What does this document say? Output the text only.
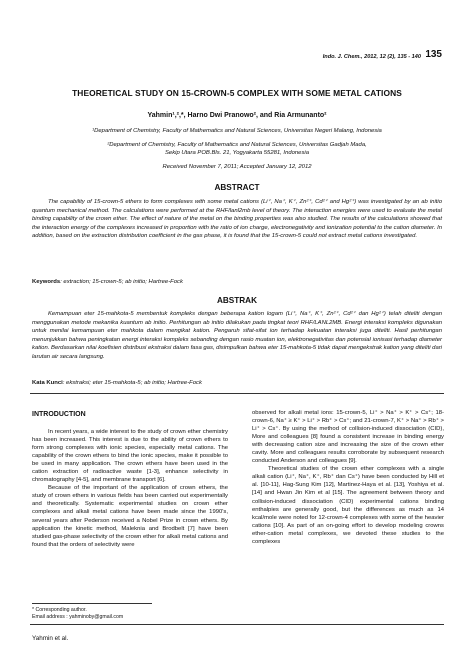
Indo. J. Chem., 2012, 12 (2), 135 - 140 135
THEORETICAL STUDY ON 15-CROWN-5 COMPLEX WITH SOME METAL CATIONS
Yahmin¹,²,*, Harno Dwi Pranowo², and Ria Armunanto²
¹Department of Chemistry, Faculty of Mathematics and Natural Sciences, Universitas Negeri Malang, Indonesia
²Department of Chemistry, Faculty of Mathematics and Natural Sciences, Universitas Gadjah Mada,
Sekip Utara POB.Bls. 21, Yogyakarta 55281, Indonesia
Received November 7, 2011; Accepted January 12, 2012
ABSTRACT
The capability of 15-crown-5 ethers to form complexes with some metal cations (Li⁺, Na⁺, K⁺, Zn²⁺, Cd²⁺ and Hg²⁺) was investigated by an ab initio quantum mechanical method. The calculations were performed at the RHF/lanl2mb level of theory. The interaction energies were used to evaluate the metal binding capability of the crown ether. The effect of nature of the metal on the binding properties was also studied. The results of the calculations showed that the interaction energy of the complexes increased in proportion with the ratio of ion charge, electronegativity and ionization potential to the cation diameter. In addition, based on the extraction distribution coefficient in the gas phase, it is found that the 15-crown-5 could not extract metal cations investigated.
Keywords: extraction; 15-crown-5; ab initio; Hartree-Fock
ABSTRAK
Kemampuan eter 15-mahkota-5 membentuk kompleks dengan beberapa kation logam (Li⁺, Na⁺, K⁺, Zn²⁺, Cd²⁺ dan Hg²⁺) telah diteliti dengan menggunakan metode mekanika kuantum ab initio. Perhitungan ab initio dilakukan pada tingkat teori RHF/LANL2MB. Energi interaksi kompleks digunakan untuk menilai kemampuan eter mahkota dalam mengikat kation. Pengaruh sifat-sifat ion terhadap kekuatan interaksi juga diteliti. Hasil perhitungan menunjukkan bahwa peningkatan energi interaksi kompleks sebanding dengan rasio muatan ion, elektronegativitas dan potensial ionisasi terhadap diameter kation. Berdasarkan nilai koefisien distribusi ekstraksi dalam fasa gas, disimpulkan bahwa eter 15-mahkota-5 tidak dapat mengekstrak kation yang diteliti dari larutan air secara langsung.
Kata Kunci: ekstraksi; eter 15-mahkota-5; ab initio; Hartree-Fock
INTRODUCTION
In recent years, a wide interest to the study of crown ether chemistry has been increased. This interest is due to the ability of crown ethers to form strong complexes with ionic species, especially metal cations. The capability of the crown ethers to bind the ionic species, make it possible to be used in many application. The crown ethers have been used in the cation extraction of radioactive waste [1-3], enhance selectivity in chromatography [4-5], and membrane transport [6].
Because of the important of the application of crown ethers, the study of crown ethers in various fields has been carried out experimentally and theoretically. Systematic experimental studies on crown ether complexes and alkali metal cations have been made since the 1990's, several years after Pederson received a Nobel Prize in crown ethers. By application the kinetic method, Maleknia and Brodbelt [7] have been studied gas-phase selectivity of the crown ether for alkali metal cations and found that the orders of selectivity were
observed for alkali metal ions: 15-crown-5, Li⁺ > Na⁺ > K⁺ > Cs⁺; 18-crown-6, Na⁺ ≥ K⁺ > Li⁺ > Rb⁺ > Cs⁺; and 21-crown-7, K⁺ > Na⁺ > Rb⁺ > Li⁺ > Cs⁺. By using the method of collision-induced dissociation (CID), More and colleagues [8] found a consistent increase in binding energy with decreasing cation size and increasing the size of the crown ether cavity. More and colleagues results corroborate by subsequent research conducted Anderson and colleagues [9].
Theoretical studies of the crown ether complexes with a single alkali cation (Li⁺, Na⁺, K⁺, Rb⁺ dan Cs⁺) have been conducted by Hill et al. [10-11], Hag-Sung Kim [12], Martinez-Haya et al. [13], Yoshiya et al. [14] and Hwan Jin Kim et al [15]. The agreement between theory and collision-induced dissociation (CID) experimental cations binding enthalpies are generally good, but the differences as much as 14 kcal/mole were noted for 12-crown-4 complexes with some of the heavier cations [10]. As part of an on-going effort to develop modeling crowns ether-cation metal complexes, we devoted these studies to the complexes
* Corresponding author.
Email address : yahminoby@gmail.com
Yahmin et al.
